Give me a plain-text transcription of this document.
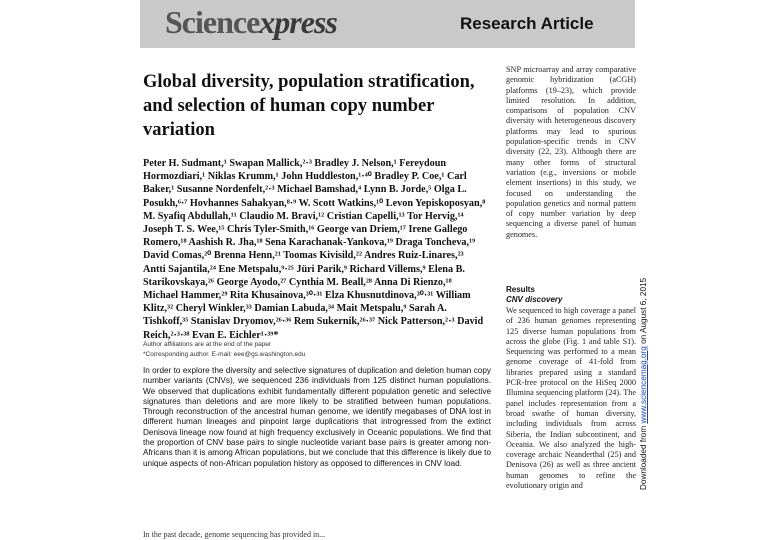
Sciencexpress	Research Article
Global diversity, population stratification, and selection of human copy number variation
Peter H. Sudmant,¹ Swapan Mallick,²·³ Bradley J. Nelson,¹ Fereydoun Hormozdiari,¹ Niklas Krumm,¹ John Huddleston,¹·⁴⁰ Bradley P. Coe,¹ Carl Baker,¹ Susanne Nordenfelt,²·³ Michael Bamshad,⁴ Lynn B. Jorde,⁵ Olga L. Posukh,⁶·⁷ Hovhannes Sahakyan,⁸·⁹ W. Scott Watkins,¹⁰ Levon Yepiskoposyan,⁸ M. Syafiq Abdullah,¹¹ Claudio M. Bravi,¹² Cristian Capelli,¹³ Tor Hervig,¹⁴ Joseph T. S. Wee,¹⁵ Chris Tyler-Smith,¹⁶ George van Driem,¹⁷ Irene Gallego Romero,¹⁸ Aashish R. Jha,¹⁸ Sena Karachanak-Yankova,¹⁹ Draga Toncheva,¹⁹ David Comas,²⁰ Brenna Henn,²¹ Toomas Kivisild,²² Andres Ruiz-Linares,²³ Antti Sajantila,²⁴ Ene Metspalu,⁹·²⁵ Jüri Parik,⁹ Richard Villems,⁹ Elena B. Starikovskaya,²⁶ George Ayodo,²⁷ Cynthia M. Beall,²⁸ Anna Di Rienzo,¹⁸ Michael Hammer,²⁹ Rita Khusainova,³⁰·³¹ Elza Khusnutdinova,³⁰·³¹ William Klitz,³² Cheryl Winkler,³³ Damian Labuda,³⁴ Mait Metspalu,⁹ Sarah A. Tishkoff,³⁵ Stanislav Dryomov,²⁶·³⁶ Rem Sukernik,²⁶·³⁷ Nick Patterson,²·³ David Reich,²·³·³⁸ Evan E. Eichler¹·³⁹*
Author affiliations are at the end of the paper
*Corresponding author. E-mail: eee@gs.washington.edu
In order to explore the diversity and selective signatures of duplication and deletion human copy number variants (CNVs), we sequenced 236 individuals from 125 distinct human populations. We observed that duplications exhibit fundamentally different population genetic and selective signatures than deletions and are more likely to be stratified between human populations. Through reconstruction of the ancestral human genome, we identify megabases of DNA lost in different human lineages and pinpoint large duplications that introgressed from the extinct Denisova lineage now found at high frequency exclusively in Oceanic populations. We find that the proportion of CNV base pairs to single nucleotide variant base pairs is greater among non-Africans than it is among African populations, but we conclude that this difference is likely due to unique aspects of non-African population history as opposed to differences in CNV load.
In the past decade, genome sequencing has provided in...
SNP microarray and array comparative genomic hybridization (aCGH) platforms (19–23), which provide limited resolution. In addition, comparisons of population CNV diversity with heterogeneous discovery platforms may lead to spurious population-specific trends in CNV diversity (22, 23). Although there are many other forms of structural variation (e.g., inversions or mobile element insertions) in this study, we focused on understanding the population genetics and normal pattern of copy number variation by deep sequencing a diverse panel of human genomes.
Results
CNV discovery
We sequenced to high coverage a panel of 236 human genomes representing 125 diverse human populations from across the globe (Fig. 1 and table S1). Sequencing was performed to a mean genome coverage of 41-fold from libraries prepared using a standard PCR-free protocol on the HiSeq 2000 Illumina sequencing platform (24). The panel includes representation from a broad swathe of human diversity, including individuals from across Siberia, the Indian subcontinent, and Oceania. We also analyzed the high-coverage archaic Neanderthal (25) and Denisova (26) as well as three ancient human genomes to refine the evolutionary origin and	Downloaded from www.sciencemag.org on August 6, 2015
